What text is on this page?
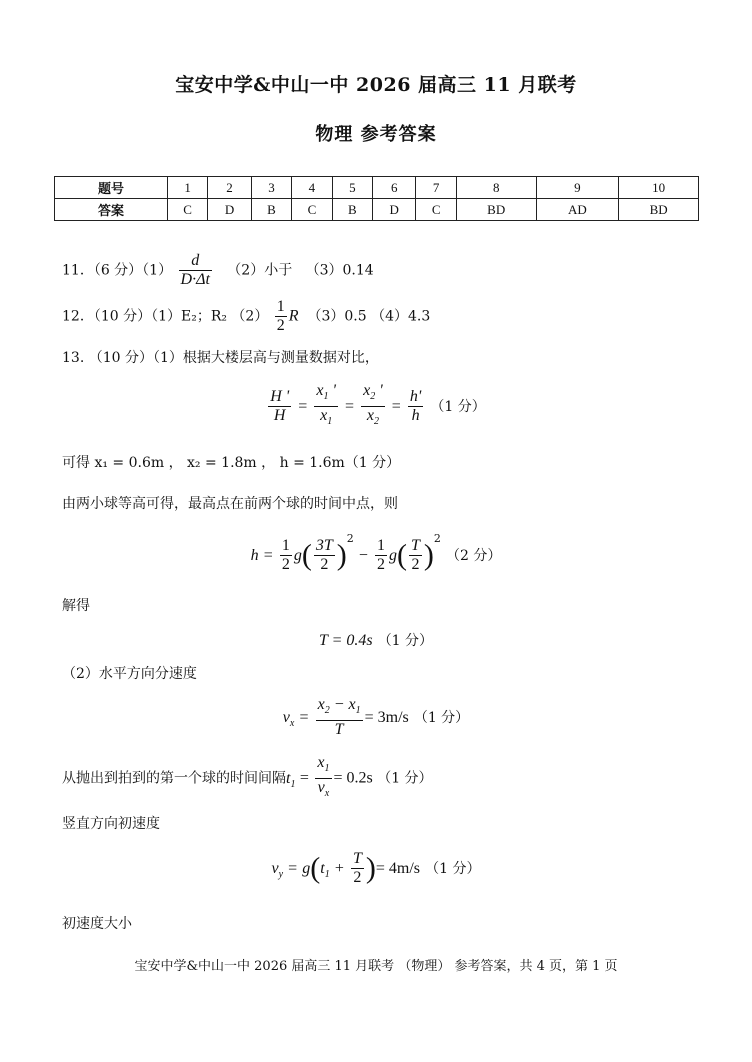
宝安中学&中山一中 2026 届高三 11 月联考
物理 参考答案
题号	1	2	3	4	5	6	7	8	9	10
答案	C	D	B	C	B	D	C	BD	AD	BD
11．（6 分）$(1) \frac{d}{D\cdot\Delta t} (2)$小于 （3）0.14
12．（10 分）（1）E₂；R₂ $(2) \frac{1}{2}$ R （3）0.5 （4）4.3
13. （10 分）（1）根据大楼层高与测量数据对比，
$\frac{H '}{H} = \frac{x_1 '}{x_1} = \frac{x_2 '}{x_2} = \frac{h'}{h} (1$ 分）
可得 x₁ = 0.6m ， x₂ = 1.8m ， h = 1.6m（1 分）
由两小球等高可得，最高点在前两个球的时间中点，则
$h = \frac{1}{2} g( \frac{3T}{2} )^2 - \frac{1}{2} g( \frac{T}{2} )^2$ （2 分）
解得
T = 0.4s （1 分）
（2）水平方向分速度
$v_x = \frac{x_2 - x_1}{T} = 3m/s$ （1 分）
从抛出到拍到的第一个球的时间间隔$t_1 = \frac{x_1}{v_x} = 0.2s$ （1 分）
竖直方向初速度
$v_y = g(t_1 + \frac{T}{2}$ )= 4m/s （1 分）
初速度大小
宝安中学&中山一中 2026 届高三 11 月联考 （物理） 参考答案，共 4 页，第 1 页
